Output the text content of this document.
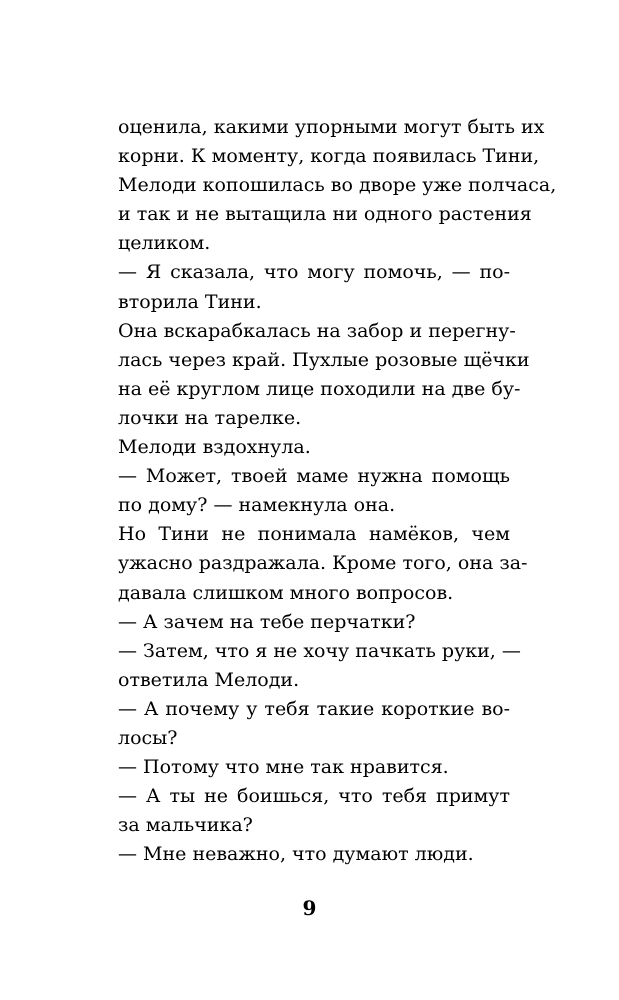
оценила, какими упорными могут быть их
корни. К моменту, когда появилась Тини,
Мелоди копошилась во дворе уже полчаса,
и так и не вытащила ни одного растения
целиком.
— Я сказала, что могу помочь, — по-
вторила Тини.
Она вскарабкалась на забор и перегну-
лась через край. Пухлые розовые щёчки
на её круглом лице походили на две бу-
лочки на тарелке.
Мелоди вздохнула.
— Может, твоей маме нужна помощь
по дому? — намекнула она.
Но Тини не понимала намёков, чем
ужасно раздражала. Кроме того, она за-
давала слишком много вопросов.
— А зачем на тебе перчатки?
— Затем, что я не хочу пачкать руки, —
ответила Мелоди.
— А почему у тебя такие короткие во-
лосы?
— Потому что мне так нравится.
— А ты не боишься, что тебя примут
за мальчика?
— Мне неважно, что думают люди.
9
